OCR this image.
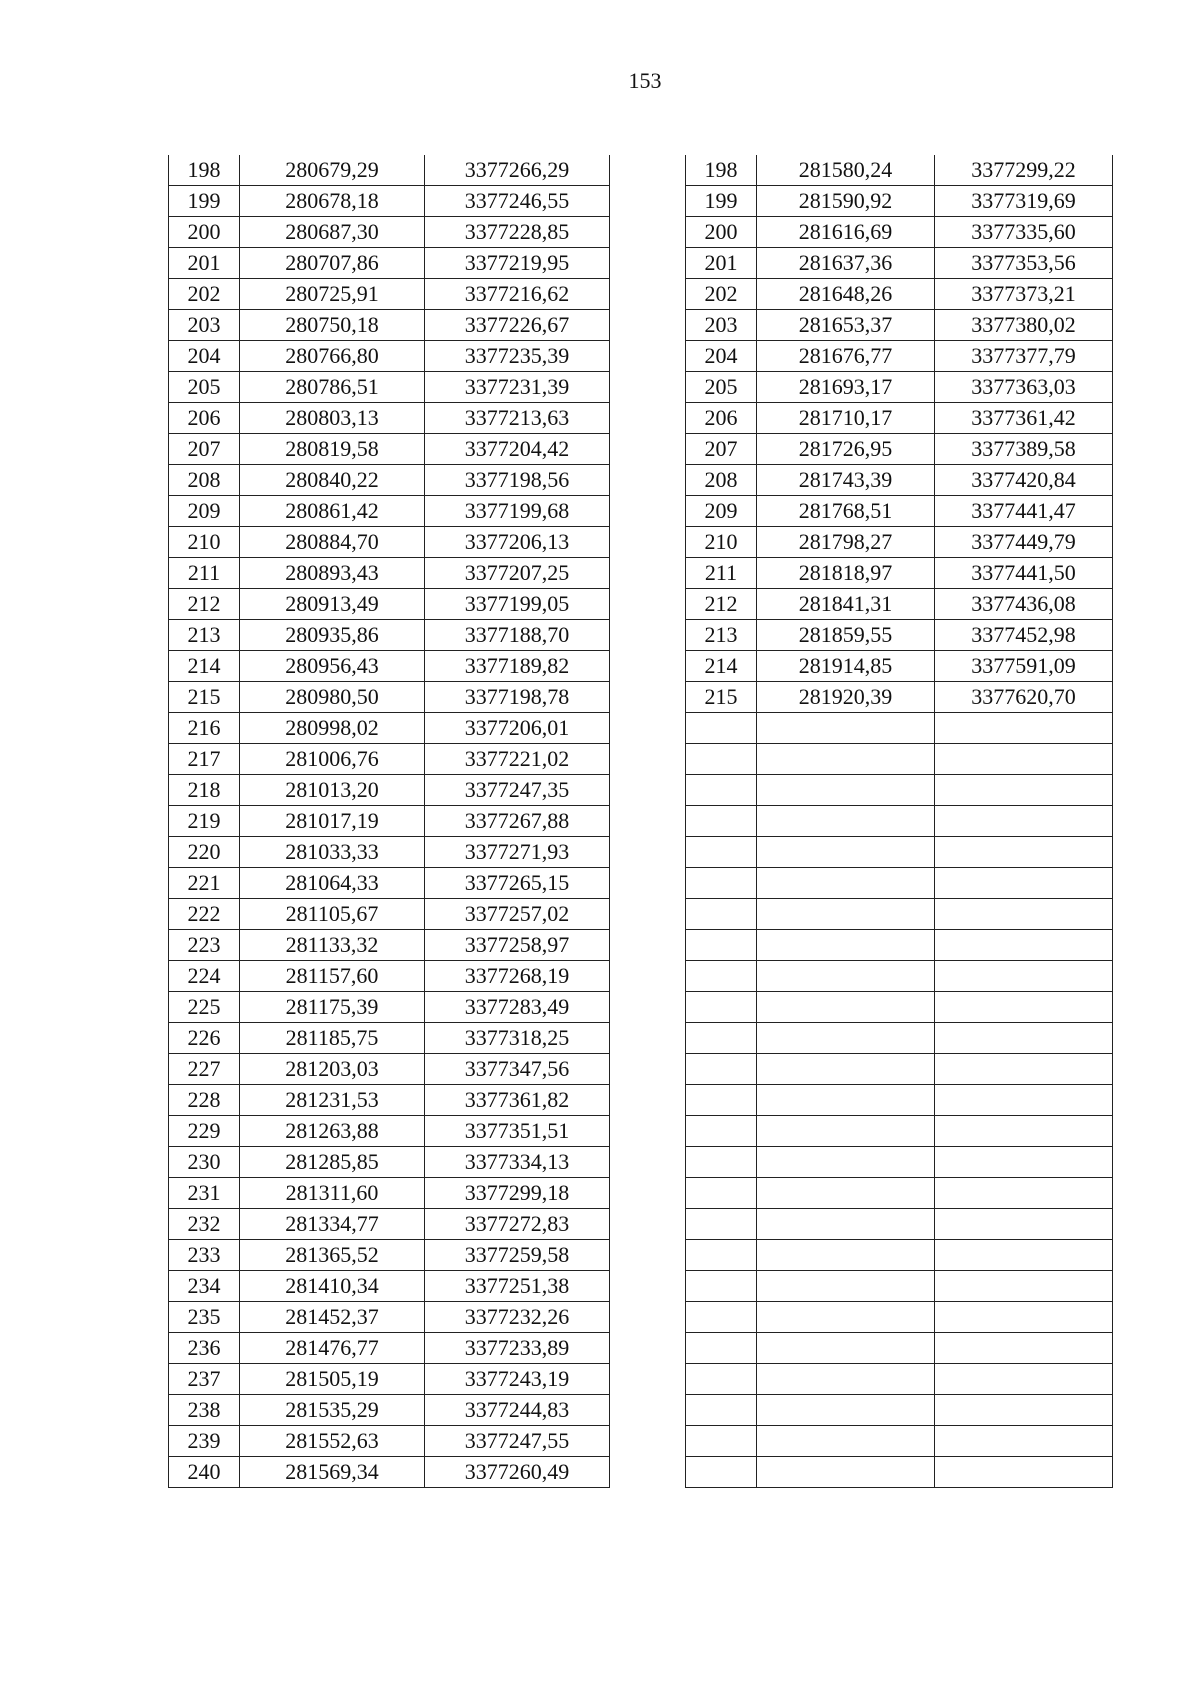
153
198	280679,29	3377266,29
199	280678,18	3377246,55
200	280687,30	3377228,85
201	280707,86	3377219,95
202	280725,91	3377216,62
203	280750,18	3377226,67
204	280766,80	3377235,39
205	280786,51	3377231,39
206	280803,13	3377213,63
207	280819,58	3377204,42
208	280840,22	3377198,56
209	280861,42	3377199,68
210	280884,70	3377206,13
211	280893,43	3377207,25
212	280913,49	3377199,05
213	280935,86	3377188,70
214	280956,43	3377189,82
215	280980,50	3377198,78
216	280998,02	3377206,01
217	281006,76	3377221,02
218	281013,20	3377247,35
219	281017,19	3377267,88
220	281033,33	3377271,93
221	281064,33	3377265,15
222	281105,67	3377257,02
223	281133,32	3377258,97
224	281157,60	3377268,19
225	281175,39	3377283,49
226	281185,75	3377318,25
227	281203,03	3377347,56
228	281231,53	3377361,82
229	281263,88	3377351,51
230	281285,85	3377334,13
231	281311,60	3377299,18
232	281334,77	3377272,83
233	281365,52	3377259,58
234	281410,34	3377251,38
235	281452,37	3377232,26
236	281476,77	3377233,89
237	281505,19	3377243,19
238	281535,29	3377244,83
239	281552,63	3377247,55
240	281569,34	3377260,49
198	281580,24	3377299,22
199	281590,92	3377319,69
200	281616,69	3377335,60
201	281637,36	3377353,56
202	281648,26	3377373,21
203	281653,37	3377380,02
204	281676,77	3377377,79
205	281693,17	3377363,03
206	281710,17	3377361,42
207	281726,95	3377389,58
208	281743,39	3377420,84
209	281768,51	3377441,47
210	281798,27	3377449,79
211	281818,97	3377441,50
212	281841,31	3377436,08
213	281859,55	3377452,98
214	281914,85	3377591,09
215	281920,39	3377620,70
